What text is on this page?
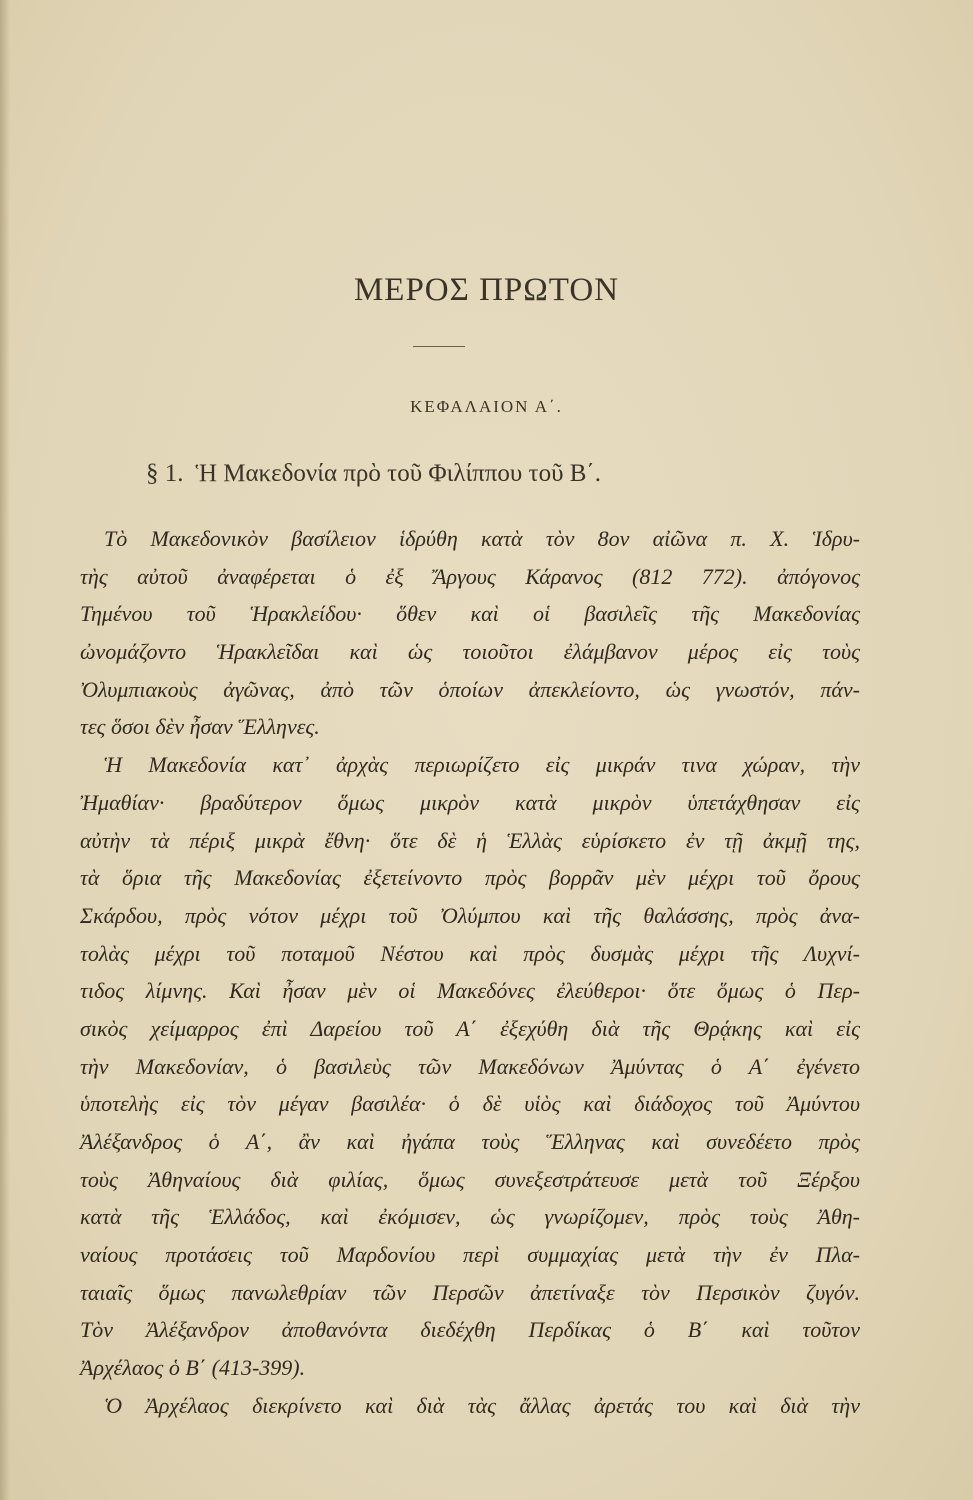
ΜΕΡΟΣ ΠΡΩΤΟΝ
ΚΕΦΑΛΑΙΟΝ Α΄.
§ 1. Ἡ Μακεδονία πρὸ τοῦ Φιλίππου τοῦ Β΄.
Τὸ Μακεδονικὸν βασίλειον ἱδρύθη κατὰ τὸν 8ον αἰῶνα π. Χ. Ἱδρυ-
τὴς αὐτοῦ ἀναφέρεται ὁ ἐξ Ἄργους Κάρανος (812 772). ἀπόγονος
Τημένου τοῦ Ἡρακλείδου· ὅθεν καὶ οἱ βασιλεῖς τῆς Μακεδονίας
ὠνομάζοντο Ἡρακλεῖδαι καὶ ὡς τοιοῦτοι ἐλάμβανον μέρος εἰς τοὺς
Ὀλυμπιακοὺς ἀγῶνας, ἀπὸ τῶν ὁποίων ἀπεκλείοντο, ὡς γνωστόν, πάν-
τες ὅσοι δὲν ἦσαν Ἕλληνες.
Ἡ Μακεδονία κατ᾿ ἀρχὰς περιωρίζετο εἰς μικράν τινα χώραν, τὴν
Ἠμαθίαν· βραδύτερον ὅμως μικρὸν κατὰ μικρὸν ὑπετάχθησαν εἰς
αὐτὴν τὰ πέριξ μικρὰ ἔθνη· ὅτε δὲ ἡ Ἑλλὰς εὑρίσκετο ἐν τῇ ἀκμῇ της,
τὰ ὅρια τῆς Μακεδονίας ἐξετείνοντο πρὸς βορρᾶν μὲν μέχρι τοῦ ὄρους
Σκάρδου, πρὸς νότον μέχρι τοῦ Ὀλύμπου καὶ τῆς θαλάσσης, πρὸς ἀνα-
τολὰς μέχρι τοῦ ποταμοῦ Νέστου καὶ πρὸς δυσμὰς μέχρι τῆς Λυχνί-
τιδος λίμνης. Καὶ ἦσαν μὲν οἱ Μακεδόνες ἐλεύθεροι· ὅτε ὅμως ὁ Περ-
σικὸς χείμαρρος ἐπὶ Δαρείου τοῦ Α΄ ἐξεχύθη διὰ τῆς Θρᾴκης καὶ εἰς
τὴν Μακεδονίαν, ὁ βασιλεὺς τῶν Μακεδόνων Ἀμύντας ὁ Α΄ ἐγένετο
ὑποτελὴς εἰς τὸν μέγαν βασιλέα· ὁ δὲ υἱὸς καὶ διάδοχος τοῦ Ἀμύντου
Ἀλέξανδρος ὁ Α΄, ἂν καὶ ἠγάπα τοὺς Ἕλληνας καὶ συνεδέετο πρὸς
τοὺς Ἀθηναίους διὰ φιλίας, ὅμως συνεξεστράτευσε μετὰ τοῦ Ξέρξου
κατὰ τῆς Ἑλλάδος, καὶ ἐκόμισεν, ὡς γνωρίζομεν, πρὸς τοὺς Ἀθη-
ναίους προτάσεις τοῦ Μαρδονίου περὶ συμμαχίας μετὰ τὴν ἐν Πλα-
ταιαῖς ὅμως πανωλεθρίαν τῶν Περσῶν ἀπετίναξε τὸν Περσικὸν ζυγόν.
Τὸν Ἀλέξανδρον ἀποθανόντα διεδέχθη Περδίκας ὁ Β΄ καὶ τοῦτον
Ἀρχέλαος ὁ Β΄ (413-399).
Ὁ Ἀρχέλαος διεκρίνετο καὶ διὰ τὰς ἄλλας ἀρετάς του καὶ διὰ τὴν
